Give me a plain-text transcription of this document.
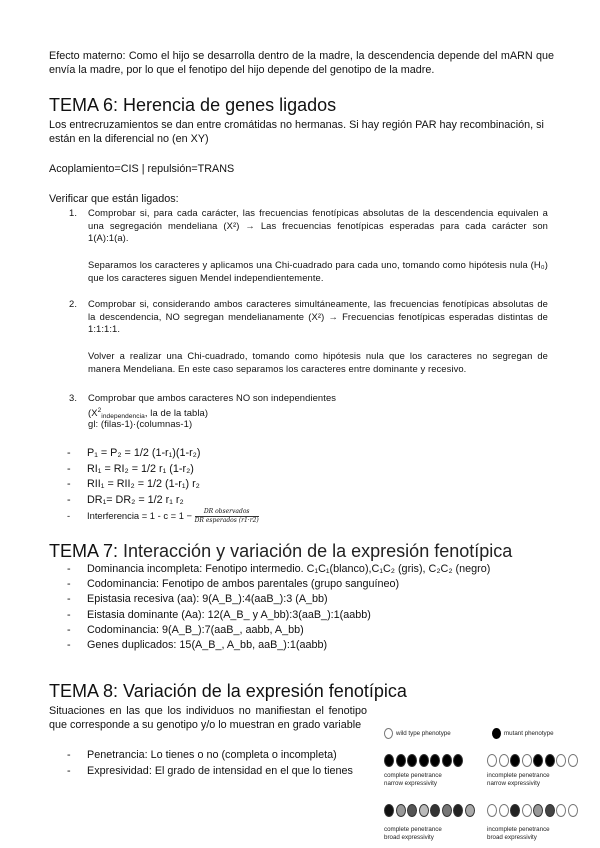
Efecto materno: Como el hijo se desarrolla dentro de la madre, la descendencia depende del mARN que envía la madre, por lo que el fenotipo del hijo depende del genotipo de la madre.

TEMA 6: Herencia de genes ligados

Los entrecruzamientos se dan entre cromátidas no hermanas. Si hay región PAR hay recombinación, si están en la diferencial no (en XY)

Acoplamiento=CIS | repulsión=TRANS

Verificar que están ligados:

1. Comprobar si, para cada carácter, las frecuencias fenotípicas absolutas de la descendencia equivalen a una segregación mendeliana (X²) → Las frecuencias fenotípicas esperadas para cada carácter son 1(A):1(a).

Separamos los caracteres y aplicamos una Chi-cuadrado para cada uno, tomando como hipótesis nula (H₀) que los caracteres siguen Mendel independientemente.

2. Comprobar si, considerando ambos caracteres simultáneamente, las frecuencias fenotípicas absolutas de la descendencia, NO segregan mendelianamente (X²) → Frecuencias fenotípicas esperadas distintas de 1:1:1:1.

Volver a realizar una Chi-cuadrado, tomando como hipótesis nula que los caracteres no segregan de manera Mendeliana. En este caso separamos los caracteres entre dominante y recesivo.

3. Comprobar que ambos caracteres NO son independientes

($X^2_{independencia}$, la de la tabla)

gl: (filas-1)·(columnas-1)

- P₁ = P₂ = 1/2 (1-r₁)(1-r₂)
- RI₁ = RI₂ = 1/2 r₁ (1-r₂)
- RII₁ = RII₂ = 1/2 (1-r₁) r₂
- DR₁= DR₂ = 1/2 r₁ r₂
- Interferencia = $1 - c = 1 - \frac{\text{DR observados}}{\text{DR esperados (r1·r2)}}$
TEMA 7: Interacción y variación de la expresión fenotípica
- Dominancia incompleta: Fenotipo intermedio. C₁C₁(blanco),C₁C₂ (gris), C₂C₂ (negro)
- Codominancia: Fenotipo de ambos parentales (grupo sanguíneo)
- Epistasia recesiva (aa): 9(A_B_):4(aaB_):3 (A_bb)
- Eistasia dominante (Aa): 12(A_B_ y A_bb):3(aaB_):1(aabb)
- Codominancia: 9(A_B_):7(aaB_, aabb, A_bb)
- Genes duplicados: 15(A_B_, A_bb, aaB_):1(aabb)
TEMA 8: Variación de la expresión fenotípica

Situaciones en las que los individuos no manifiestan el fenotipo que corresponde a su genotipo y/o lo muestran en grado variable

- Penetrancia: Lo tienes o no (completa o incompleta)
- Expresividad: El grado de intensidad en el que lo tienes
wild type phenotype	mutant phenotype
complete penetrance
narrow expressivity
incomplete penetrance
narrow expressivity
complete penetrance
broad expressivity
incomplete penetrance
broad expressivity
